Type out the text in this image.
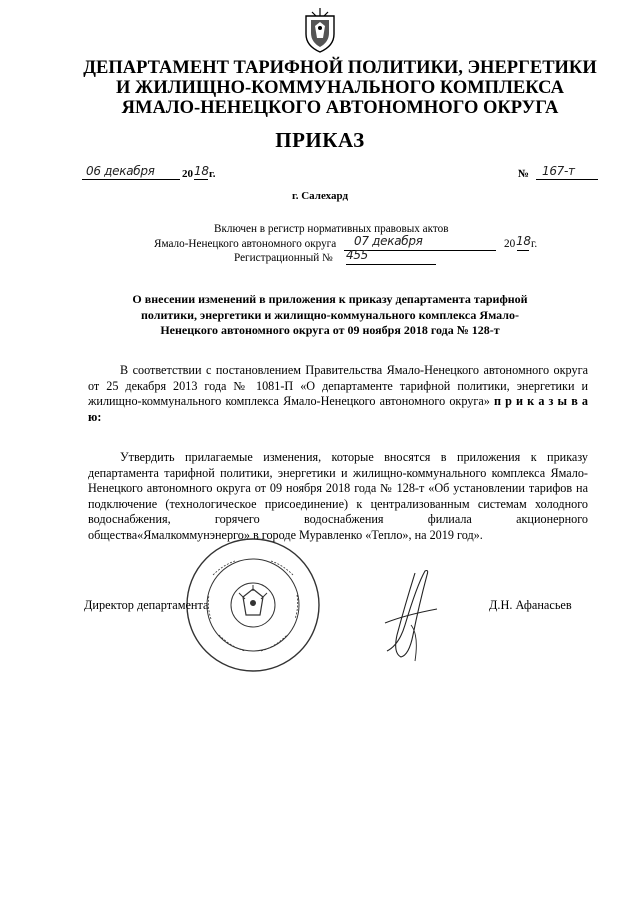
ДЕПАРТАМЕНТ ТАРИФНОЙ ПОЛИТИКИ, ЭНЕРГЕТИКИ
И ЖИЛИЩНО-КОММУНАЛЬНОГО КОМПЛЕКСА
ЯМАЛО-НЕНЕЦКОГО АВТОНОМНОГО ОКРУГА
ПРИКАЗ
06 декабря 20 18 г.	№ 167-т
г. Салехард
Включен в регистр нормативных правовых актов
Ямало-Ненецкого автономного округа 07 декабря	20 18 г.
Регистрационный № 455
О внесении изменений в приложения к приказу департамента тарифной
политики, энергетики и жилищно-коммунального комплекса Ямало-
Ненецкого автономного округа от 09 ноября 2018 года № 128-т
В соответствии с постановлением Правительства Ямало-Ненецкого автономного округа от 25 декабря 2013 года № 1081-П «О департаменте тарифной политики, энергетики и жилищно-коммунального комплекса Ямало-Ненецкого автономного округа» п р и к а з ы в а ю:
Утвердить прилагаемые изменения, которые вносятся в приложения к приказу департамента тарифной политики, энергетики и жилищно-коммунального комплекса Ямало-Ненецкого автономного округа от 09 ноября 2018 года № 128-т «Об установлении тарифов на подключение (технологическое присоединение) к централизованным системам холодного водоснабжения, горячего водоснабжения филиала акционерного общества«Ямалкоммунэнерго» в городе Муравленко «Тепло», на 2019 год».
Директор департамента	Д.Н. Афанасьев
